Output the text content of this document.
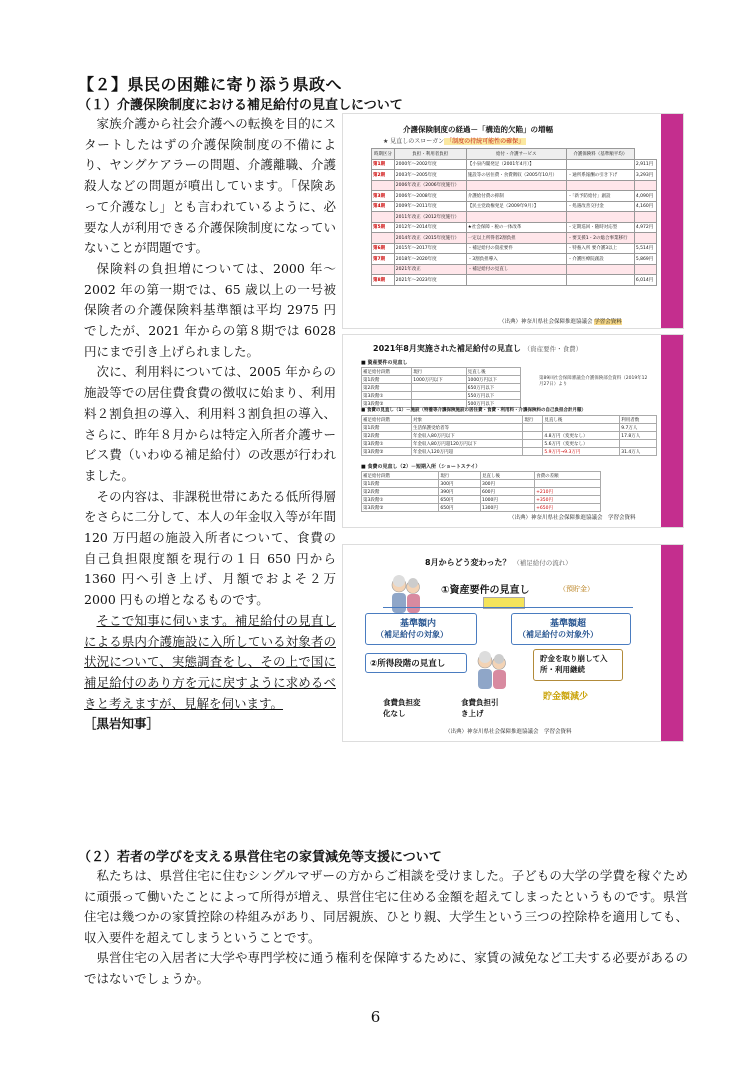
【２】県民の困難に寄り添う県政へ
（１）介護保険制度における補足給付の見直しについて

家族介護から社会介護への転換を目的にスタートしたはずの介護保険制度の不備により、ヤングケアラーの問題、介護離職、介護殺人などの問題が噴出しています。「保険あって介護なし」とも言われているように、必要な人が利用できる介護保険制度になっていないことが問題です。

保険料の負担増については、2000 年～2002 年の第一期では、65 歳以上の一号被保険者の介護保険料基準額は平均 2975 円でしたが、2021 年からの第８期では 6028 円にまで引き上げられました。

次に、利用料については、2005 年からの施設等での居住費食費の徴収に始まり、利用料２割負担の導入、利用料３割負担の導入、さらに、昨年８月からは特定入所者介護サービス費（いわゆる補足給付）の改悪が行われました。

その内容は、非課税世帯にあたる低所得層をさらに二分して、本人の年金収入等が年間 120 万円超の施設入所者について、食費の自己負担限度額を現行の１日 650 円から 1360 円へ引き上げ、月額でおよそ２万 2000 円もの増となるものです。

そこで知事に伺います。補足給付の見直しによる県内介護施設に入所している対象者の状況について、実態調査をし、その上で国に補足給付のあり方を元に戻すように求めるべきと考えますが、見解を伺います。

［黒岩知事］

介護保険制度の経過－「構造的欠陥」の増幅
★ 見直しのスローガン 「制度の持続可能性の確保」
時期区分	負担・利用者負担	給付・介護サービス	介護保険料（基準額平均）	
第1期	2000年～2002年度	【小泉内閣発足（2001年4月）】		2,911円
第2期	2003年～2005年度	施設等の居住費・食費徴収（2005年10月）	・通所系報酬の引き下げ	3,293円
	2006年改正（2006年度施行）			
第3期	2006年～2008年度	介護給付費の抑制	・「新予防給付」創設	4,090円
第4期	2009年～2011年度	【民主党政権発足（2009年9月）】	・処遇改善交付金	4,160円
	2011年改正（2012年度施行）			
第5期	2012年～2014年度	★社会保障・税の一体改革	・定期巡回・随時対応型	4,972円
	2014年改正（2015年度施行）	一定以上所得者2割負担	・要支援1・2の総合事業移行	
第6期	2015年～2017年度	・補足給付の資産要件	・特養入所 要介護3以上	5,514円
第7期	2018年～2020年度	・3割負担導入	・介護医療院創設	5,869円
	2021年改正	・補足給付の見直し		
第8期	2021年～2023年度			6,014円
（出典）神奈川県社会保障推進協議会 学習会資料
2021年8月実施された補足給付の見直し （資産要件・食費）
■ 資産要件の見直し
補足給付段階	現行	見直し後
第1段階	1000万円以下	1000万円以下
第2段階		650万円以下
第3段階①		550万円以下
第3段階②		500万円以下
第89回社会保障審議会介護保険部会資料（2019年12月27日）より
■ 食費の見直し（1）－施設（特養等介護保険施設の居住費・食費・利用料・介護保険料の自己負担合計月額）
補足給付段階	対象	現行	見直し後	利用者数
第1段階	生活保護受給者等			9.7万人
第2段階	年金収入80万円以下		4.8万円（変更なし）	17.8万人
第3段階①	年金収入80万円超120万円以下		5.6万円（変更なし）	
第3段階②	年金収入120万円超		5.9万円→9.3万円	31.4万人
■ 食費の見直し（2）－短期入所（ショートステイ）
補足給付段階	現行	見直し後	食費の差額
第1段階	300円	300円	
第2段階	390円	600円	+210円
第3段階①	650円	1000円	+350円
第3段階②	650円	1300円	+650円
（出典）神奈川県社会保障推進協議会　学習会資料
8月からどう変わった？ （補足給付の流れ）
①資産要件の見直し	（預貯金）
基準額内
（補足給付の対象）
基準額超
（補足給付の対象外）
②所得段階の見直し
貯金を取り崩して入所・利用継続
貯金額減少
食費負担変化なし
食費負担引き上げ
（出典）神奈川県社会保障推進協議会　学習会資料
（２）若者の学びを支える県営住宅の家賃減免等支援について

私たちは、県営住宅に住むシングルマザーの方からご相談を受けました。子どもの大学の学費を稼ぐために頑張って働いたことによって所得が増え、県営住宅に住める金額を超えてしまったというものです。県営住宅は幾つかの家賃控除の枠組みがあり、同居親族、ひとり親、大学生という三つの控除枠を適用しても、収入要件を超えてしまうということです。

県営住宅の入居者に大学や専門学校に通う権利を保障するために、家賃の減免など工夫する必要があるのではないでしょうか。

6
